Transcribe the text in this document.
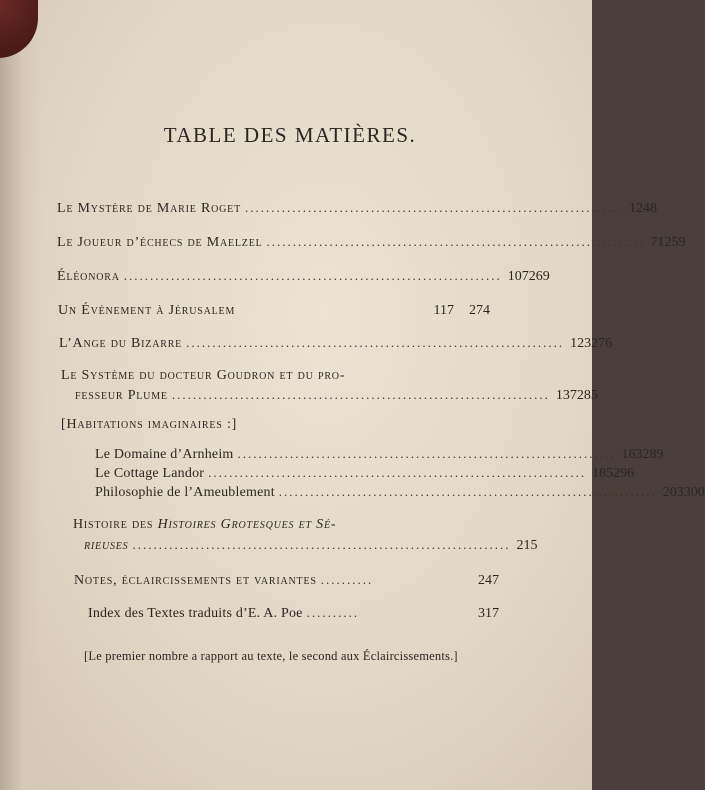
TABLE DES MATIÈRES.
Le Mystère de Marie Roget ........................................................................ 1 248
Le Joueur d’échecs de Maelzel ........................................................................ 71 259
Éléonora ........................................................................ 107 269
Un Événement à Jérusalem	117	274
L’Ange du Bizarre ........................................................................ 123 276
Le Système du docteur Goudron et du pro-
fesseur Plume ........................................................................ 137 285
[Habitations imaginaires :]
Le Domaine d’Arnheim ........................................................................ 163 289
Le Cottage Landor ........................................................................ 185 296
Philosophie de l’Ameublement ........................................................................ 203 300
Histoire des Histoires Grotesques et Sé-
rieuses ........................................................................ 215
Notes, éclaircissements et variantes ..........	247
Index des Textes traduits d’E. A. Poe ..........	317
[Le premier nombre a rapport au texte, le second aux Éclaircissements.]
